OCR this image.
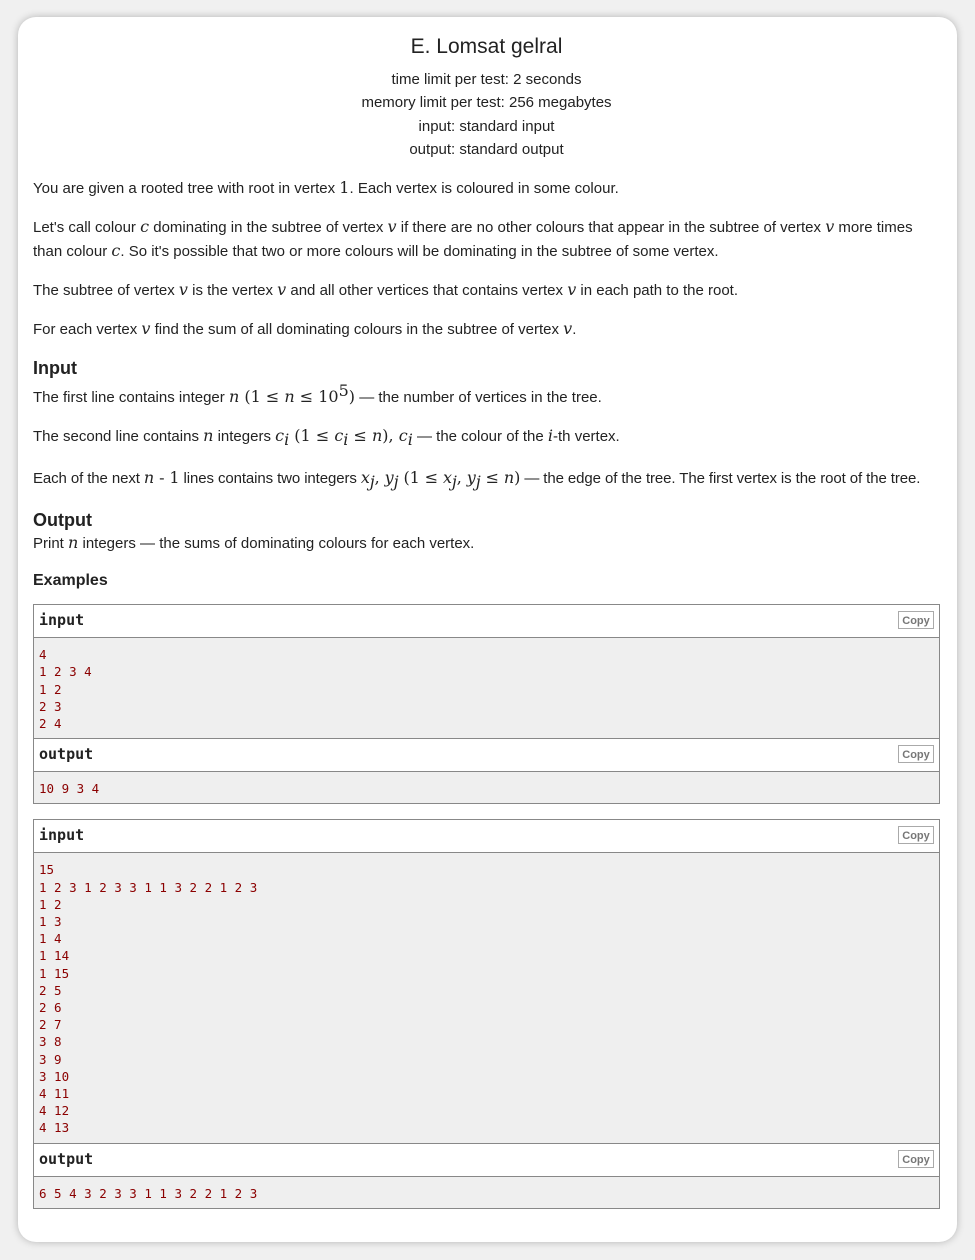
E. Lomsat gelral
time limit per test: 2 seconds
memory limit per test: 256 megabytes
input: standard input
output: standard output

You are given a rooted tree with root in vertex 1. Each vertex is coloured in some colour.

Let's call colour c dominating in the subtree of vertex v if there are no other colours that appear in the subtree of vertex v more times than colour c. So it's possible that two or more colours will be dominating in the subtree of some vertex.

The subtree of vertex v is the vertex v and all other vertices that contains vertex v in each path to the root.

For each vertex v find the sum of all dominating colours in the subtree of vertex v.

Input

The first line contains integer n $(1 \le n \le 10^5)$ — the number of vertices in the tree.

The second line contains n integers $c_i$ $(1 \le c_i \le n)$, $c_i$ — the colour of the i-th vertex.

Each of the next n - 1 lines contains two integers $x_j$, $y_j$ ($1 \le x_j$, $y_j \le n$) — the edge of the tree. The first vertex is the root of the tree.

Output

Print n integers — the sums of dominating colours for each vertex.

Examples
input	Copy
4
1 2 3 4
1 2
2 3
2 4
output	Copy
10 9 3 4
input	Copy
15
1 2 3 1 2 3 3 1 1 3 2 2 1 2 3
1 2
1 3
1 4
1 14
1 15
2 5
2 6
2 7
3 8
3 9
3 10
4 11
4 12
4 13
output	Copy
6 5 4 3 2 3 3 1 1 3 2 2 1 2 3
